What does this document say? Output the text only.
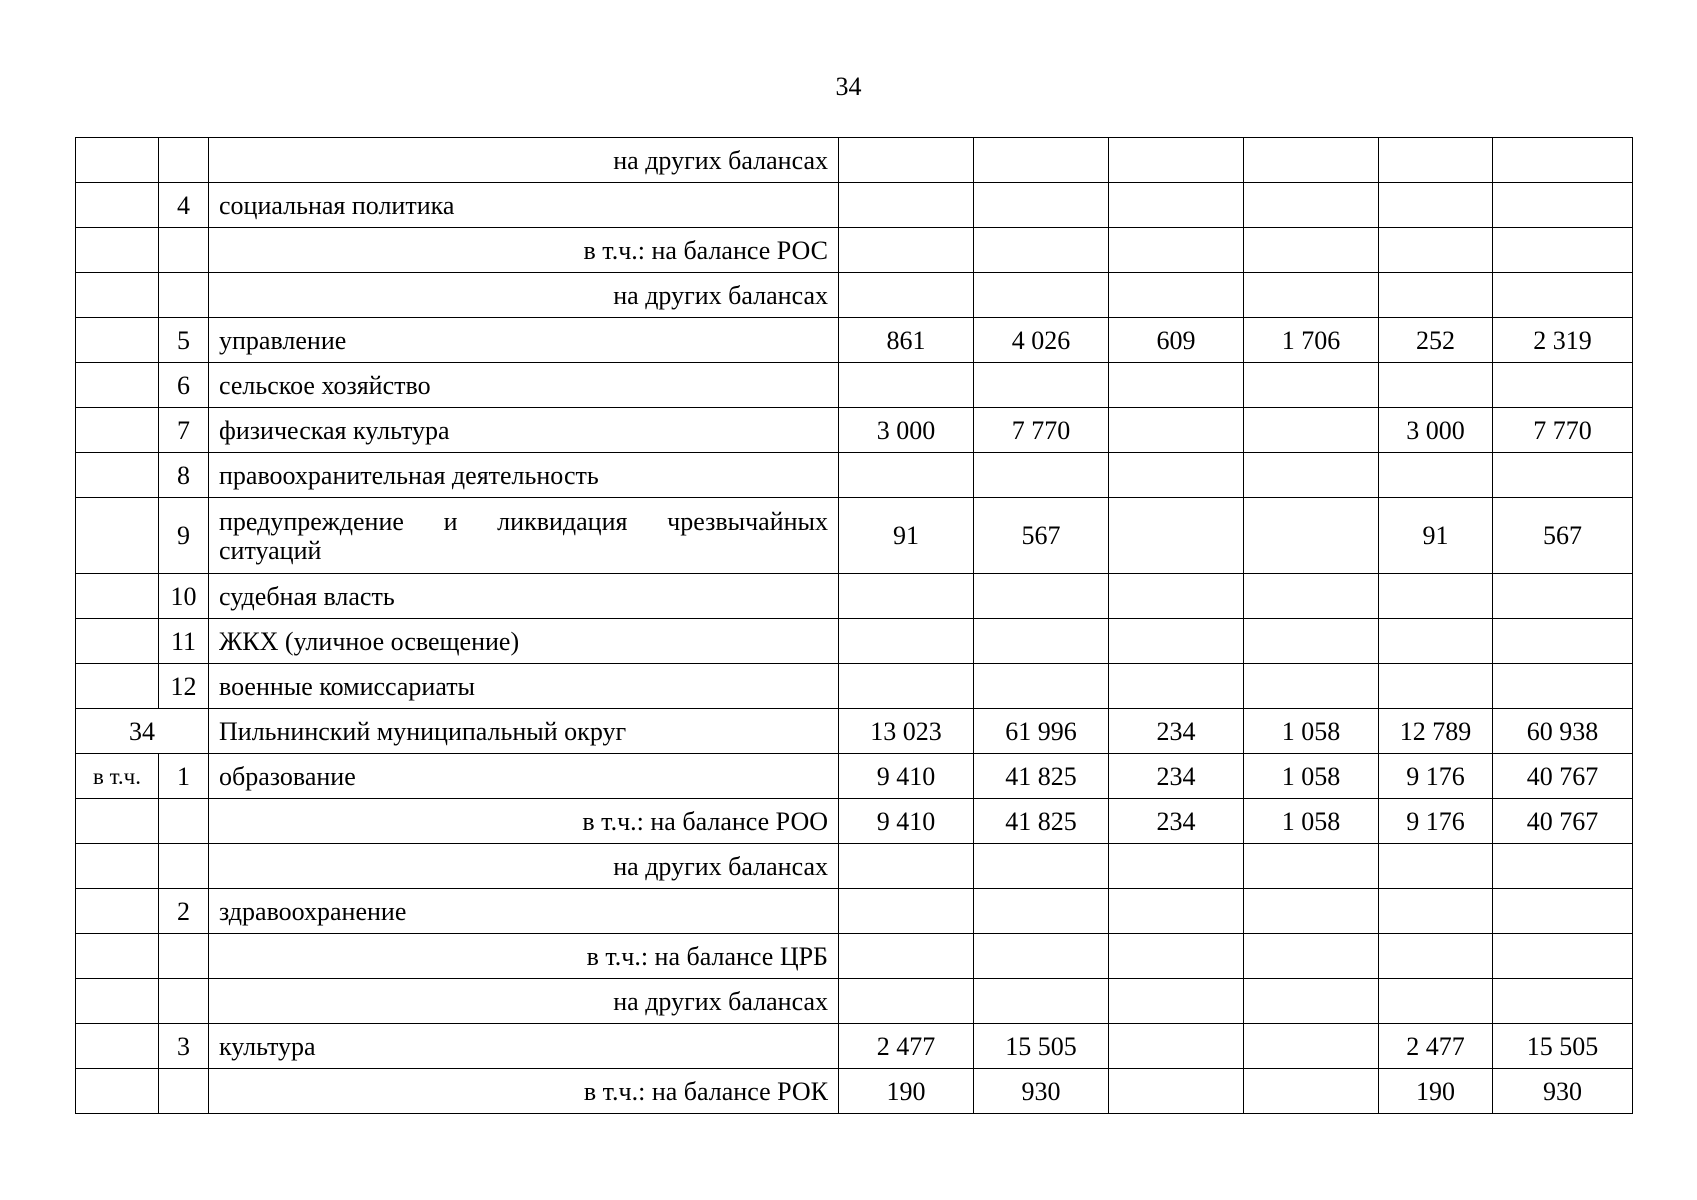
34
		на других балансах						
	4	социальная политика						
		в т.ч.: на балансе РОС						
		на других балансах						
	5	управление	861	4 026	609	1 706	252	2 319
	6	сельское хозяйство						
	7	физическая культура	3 000	7 770			3 000	7 770
	8	правоохранительная деятельность						
	9	предупреждение и ликвидация чрезвычайных ситуаций	91	567			91	567
	10	судебная власть						
	11	ЖКХ (уличное освещение)						
	12	военные комиссариаты						
34		Пильнинский муниципальный округ	13 023	61 996	234	1 058	12 789	60 938
в т.ч.	1	образование	9 410	41 825	234	1 058	9 176	40 767
		в т.ч.: на балансе РОО	9 410	41 825	234	1 058	9 176	40 767
		на других балансах						
	2	здравоохранение						
		в т.ч.: на балансе ЦРБ						
		на других балансах						
	3	культура	2 477	15 505			2 477	15 505
		в т.ч.: на балансе РОК	190	930			190	930
